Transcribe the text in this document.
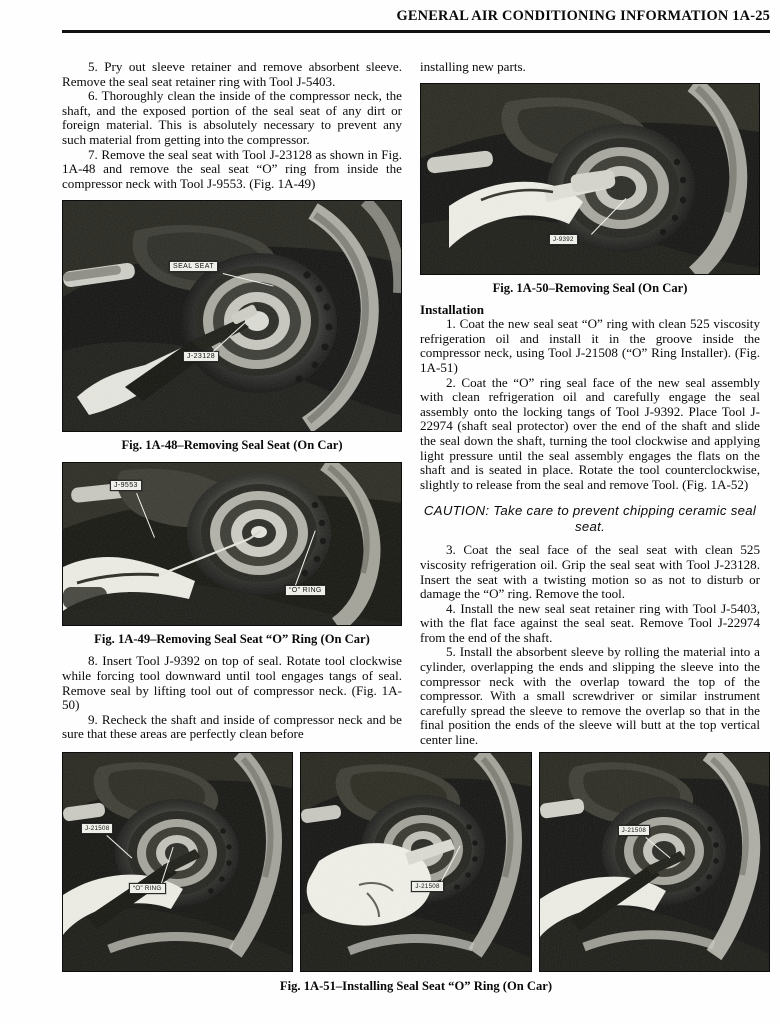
GENERAL AIR CONDITIONING INFORMATION 1A-25

5. Pry out sleeve retainer and remove absorbent sleeve. Remove the seal seat retainer ring with Tool J-5403.

6. Thoroughly clean the inside of the compressor neck, the shaft, and the exposed portion of the seal seat of any dirt or foreign material. This is absolutely necessary to prevent any such material from getting into the compressor.

7. Remove the seal seat with Tool J-23128 as shown in Fig. 1A-48 and remove the seal seat “O” ring from inside the compressor neck with Tool J-9553. (Fig. 1A-49)

SEAL SEAT
J-23128

Fig. 1A-48–Removing Seal Seat (On Car)

J-9553
“O” RING

Fig. 1A-49–Removing Seal Seat “O” Ring (On Car)

8. Insert Tool J-9392 on top of seal. Rotate tool clockwise while forcing tool downward until tool engages tangs of seal. Remove seal by lifting tool out of compressor neck. (Fig. 1A-50)

9. Recheck the shaft and inside of compressor neck and be sure that these areas are perfectly clean before

installing new parts.

J-9392

Fig. 1A-50–Removing Seal (On Car)

Installation

1. Coat the new seal seat “O” ring with clean 525 viscosity refrigeration oil and install it in the groove inside the compressor neck, using Tool J-21508 (“O” Ring Installer). (Fig. 1A-51)

2. Coat the “O” ring seal face of the new seal assembly with clean refrigeration oil and carefully engage the seal assembly onto the locking tangs of Tool J-9392. Place Tool J-22974 (shaft seal protector) over the end of the shaft and slide the seal down the shaft, turning the tool clockwise and applying light pressure until the seal assembly engages the flats on the shaft and is seated in place. Rotate the tool counterclockwise, slightly to release from the seal and remove Tool. (Fig. 1A-52)

CAUTION: Take care to prevent chipping ceramic seal seat.

3. Coat the seal face of the seal seat with clean 525 viscosity refrigeration oil. Grip the seal seat with Tool J-23128. Insert the seat with a twisting motion so as not to disturb or damage the “O” ring. Remove the tool.

4. Install the new seal seat retainer ring with Tool J-5403, with the flat face against the seal seat. Remove Tool J-22974 from the end of the shaft.

5. Install the absorbent sleeve by rolling the material into a cylinder, overlapping the ends and slipping the sleeve into the compressor neck with the overlap toward the top of the compressor. With a small screwdriver or similar instrument carefully spread the sleeve to remove the overlap so that in the final position the ends of the sleeve will butt at the top vertical center line.

J-21508
“O” RING	J-21508
J-21508
Fig. 1A-51–Installing Seal Seat “O” Ring (On Car)
